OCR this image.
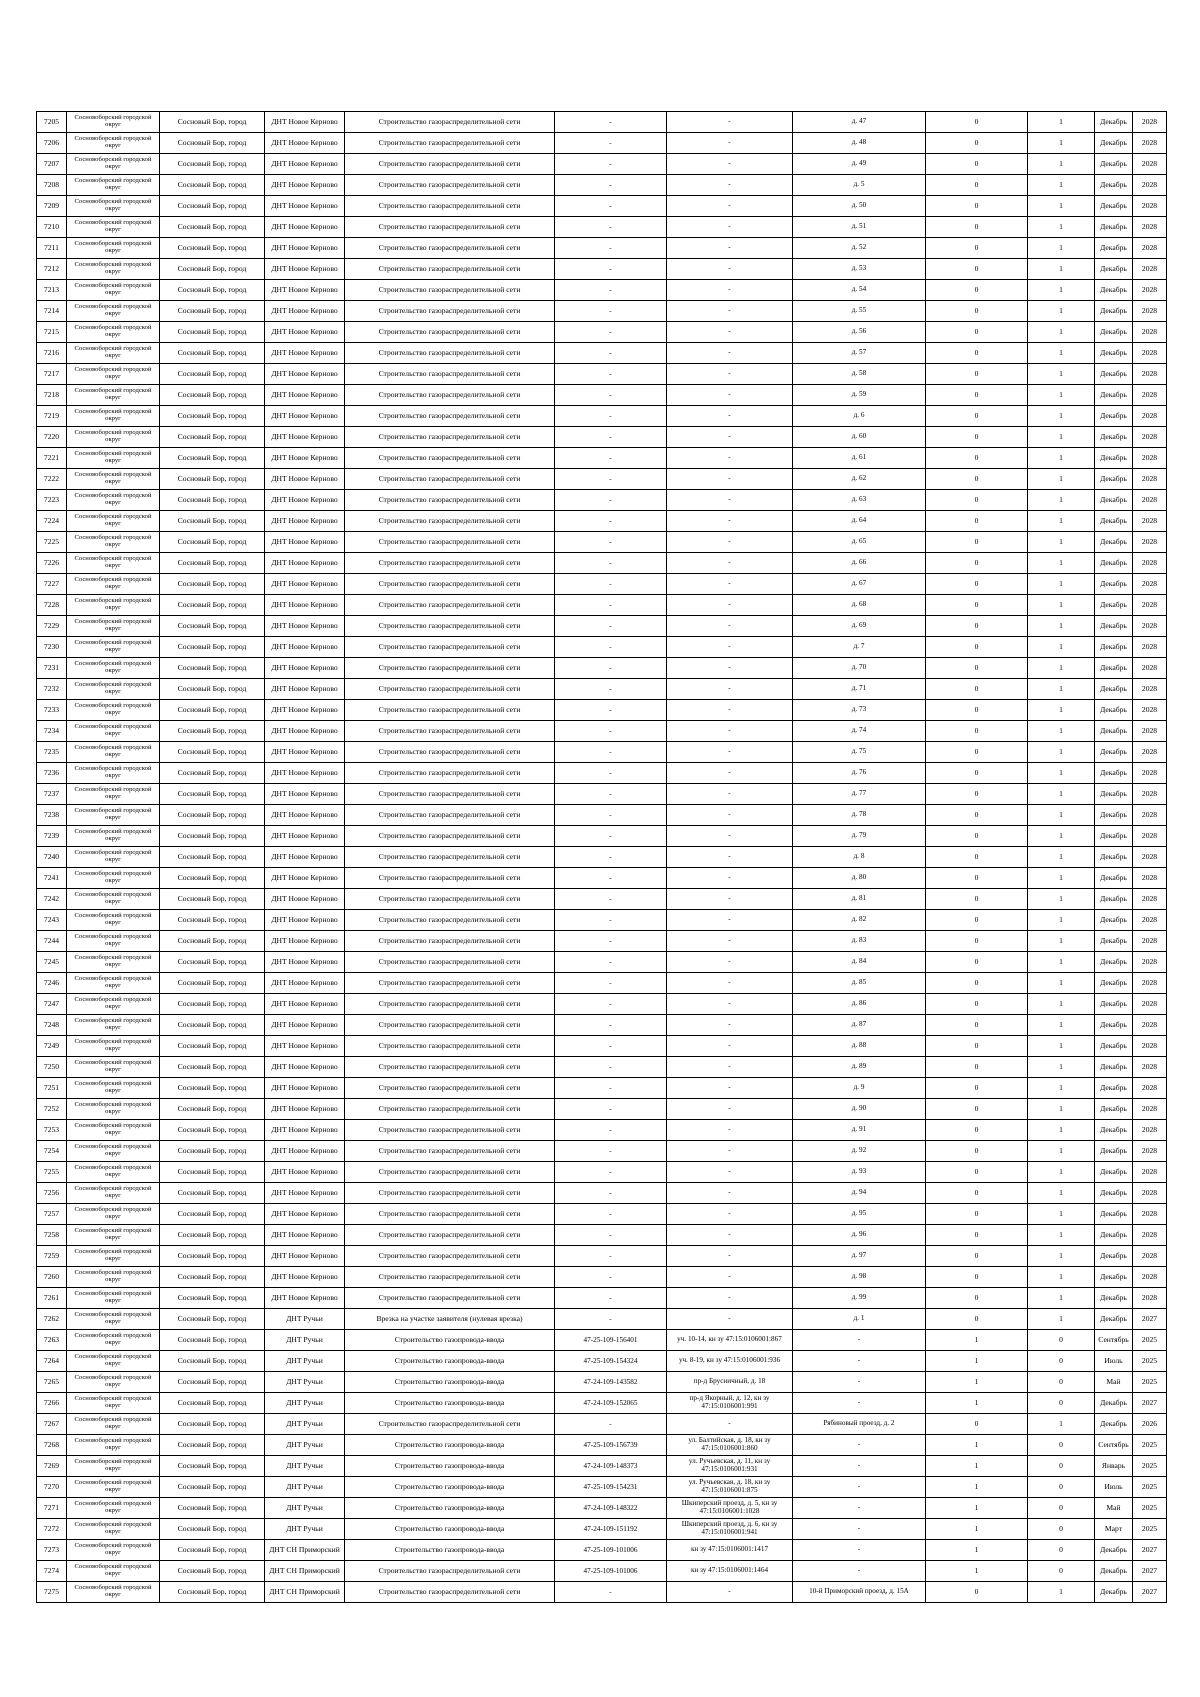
7205	Сосновоборский городской округ	Сосновый Бор, город	ДНТ Новое Керново	Строительство газораспределительной сети	-	-	д. 47	0	1	Декабрь	2028
7206	Сосновоборский городской округ	Сосновый Бор, город	ДНТ Новое Керново	Строительство газораспределительной сети	-	-	д. 48	0	1	Декабрь	2028
7207	Сосновоборский городской округ	Сосновый Бор, город	ДНТ Новое Керново	Строительство газораспределительной сети	-	-	д. 49	0	1	Декабрь	2028
7208	Сосновоборский городской округ	Сосновый Бор, город	ДНТ Новое Керново	Строительство газораспределительной сети	-	-	д. 5	0	1	Декабрь	2028
7209	Сосновоборский городской округ	Сосновый Бор, город	ДНТ Новое Керново	Строительство газораспределительной сети	-	-	д. 50	0	1	Декабрь	2028
7210	Сосновоборский городской округ	Сосновый Бор, город	ДНТ Новое Керново	Строительство газораспределительной сети	-	-	д. 51	0	1	Декабрь	2028
7211	Сосновоборский городской округ	Сосновый Бор, город	ДНТ Новое Керново	Строительство газораспределительной сети	-	-	д. 52	0	1	Декабрь	2028
7212	Сосновоборский городской округ	Сосновый Бор, город	ДНТ Новое Керново	Строительство газораспределительной сети	-	-	д. 53	0	1	Декабрь	2028
7213	Сосновоборский городской округ	Сосновый Бор, город	ДНТ Новое Керново	Строительство газораспределительной сети	-	-	д. 54	0	1	Декабрь	2028
7214	Сосновоборский городской округ	Сосновый Бор, город	ДНТ Новое Керново	Строительство газораспределительной сети	-	-	д. 55	0	1	Декабрь	2028
7215	Сосновоборский городской округ	Сосновый Бор, город	ДНТ Новое Керново	Строительство газораспределительной сети	-	-	д. 56	0	1	Декабрь	2028
7216	Сосновоборский городской округ	Сосновый Бор, город	ДНТ Новое Керново	Строительство газораспределительной сети	-	-	д. 57	0	1	Декабрь	2028
7217	Сосновоборский городской округ	Сосновый Бор, город	ДНТ Новое Керново	Строительство газораспределительной сети	-	-	д. 58	0	1	Декабрь	2028
7218	Сосновоборский городской округ	Сосновый Бор, город	ДНТ Новое Керново	Строительство газораспределительной сети	-	-	д. 59	0	1	Декабрь	2028
7219	Сосновоборский городской округ	Сосновый Бор, город	ДНТ Новое Керново	Строительство газораспределительной сети	-	-	д. 6	0	1	Декабрь	2028
7220	Сосновоборский городской округ	Сосновый Бор, город	ДНТ Новое Керново	Строительство газораспределительной сети	-	-	д. 60	0	1	Декабрь	2028
7221	Сосновоборский городской округ	Сосновый Бор, город	ДНТ Новое Керново	Строительство газораспределительной сети	-	-	д. 61	0	1	Декабрь	2028
7222	Сосновоборский городской округ	Сосновый Бор, город	ДНТ Новое Керново	Строительство газораспределительной сети	-	-	д. 62	0	1	Декабрь	2028
7223	Сосновоборский городской округ	Сосновый Бор, город	ДНТ Новое Керново	Строительство газораспределительной сети	-	-	д. 63	0	1	Декабрь	2028
7224	Сосновоборский городской округ	Сосновый Бор, город	ДНТ Новое Керново	Строительство газораспределительной сети	-	-	д. 64	0	1	Декабрь	2028
7225	Сосновоборский городской округ	Сосновый Бор, город	ДНТ Новое Керново	Строительство газораспределительной сети	-	-	д. 65	0	1	Декабрь	2028
7226	Сосновоборский городской округ	Сосновый Бор, город	ДНТ Новое Керново	Строительство газораспределительной сети	-	-	д. 66	0	1	Декабрь	2028
7227	Сосновоборский городской округ	Сосновый Бор, город	ДНТ Новое Керново	Строительство газораспределительной сети	-	-	д. 67	0	1	Декабрь	2028
7228	Сосновоборский городской округ	Сосновый Бор, город	ДНТ Новое Керново	Строительство газораспределительной сети	-	-	д. 68	0	1	Декабрь	2028
7229	Сосновоборский городской округ	Сосновый Бор, город	ДНТ Новое Керново	Строительство газораспределительной сети	-	-	д. 69	0	1	Декабрь	2028
7230	Сосновоборский городской округ	Сосновый Бор, город	ДНТ Новое Керново	Строительство газораспределительной сети	-	-	д. 7	0	1	Декабрь	2028
7231	Сосновоборский городской округ	Сосновый Бор, город	ДНТ Новое Керново	Строительство газораспределительной сети	-	-	д. 70	0	1	Декабрь	2028
7232	Сосновоборский городской округ	Сосновый Бор, город	ДНТ Новое Керново	Строительство газораспределительной сети	-	-	д. 71	0	1	Декабрь	2028
7233	Сосновоборский городской округ	Сосновый Бор, город	ДНТ Новое Керново	Строительство газораспределительной сети	-	-	д. 73	0	1	Декабрь	2028
7234	Сосновоборский городской округ	Сосновый Бор, город	ДНТ Новое Керново	Строительство газораспределительной сети	-	-	д. 74	0	1	Декабрь	2028
7235	Сосновоборский городской округ	Сосновый Бор, город	ДНТ Новое Керново	Строительство газораспределительной сети	-	-	д. 75	0	1	Декабрь	2028
7236	Сосновоборский городской округ	Сосновый Бор, город	ДНТ Новое Керново	Строительство газораспределительной сети	-	-	д. 76	0	1	Декабрь	2028
7237	Сосновоборский городской округ	Сосновый Бор, город	ДНТ Новое Керново	Строительство газораспределительной сети	-	-	д. 77	0	1	Декабрь	2028
7238	Сосновоборский городской округ	Сосновый Бор, город	ДНТ Новое Керново	Строительство газораспределительной сети	-	-	д. 78	0	1	Декабрь	2028
7239	Сосновоборский городской округ	Сосновый Бор, город	ДНТ Новое Керново	Строительство газораспределительной сети	-	-	д. 79	0	1	Декабрь	2028
7240	Сосновоборский городской округ	Сосновый Бор, город	ДНТ Новое Керново	Строительство газораспределительной сети	-	-	д. 8	0	1	Декабрь	2028
7241	Сосновоборский городской округ	Сосновый Бор, город	ДНТ Новое Керново	Строительство газораспределительной сети	-	-	д. 80	0	1	Декабрь	2028
7242	Сосновоборский городской округ	Сосновый Бор, город	ДНТ Новое Керново	Строительство газораспределительной сети	-	-	д. 81	0	1	Декабрь	2028
7243	Сосновоборский городской округ	Сосновый Бор, город	ДНТ Новое Керново	Строительство газораспределительной сети	-	-	д. 82	0	1	Декабрь	2028
7244	Сосновоборский городской округ	Сосновый Бор, город	ДНТ Новое Керново	Строительство газораспределительной сети	-	-	д. 83	0	1	Декабрь	2028
7245	Сосновоборский городской округ	Сосновый Бор, город	ДНТ Новое Керново	Строительство газораспределительной сети	-	-	д. 84	0	1	Декабрь	2028
7246	Сосновоборский городской округ	Сосновый Бор, город	ДНТ Новое Керново	Строительство газораспределительной сети	-	-	д. 85	0	1	Декабрь	2028
7247	Сосновоборский городской округ	Сосновый Бор, город	ДНТ Новое Керново	Строительство газораспределительной сети	-	-	д. 86	0	1	Декабрь	2028
7248	Сосновоборский городской округ	Сосновый Бор, город	ДНТ Новое Керново	Строительство газораспределительной сети	-	-	д. 87	0	1	Декабрь	2028
7249	Сосновоборский городской округ	Сосновый Бор, город	ДНТ Новое Керново	Строительство газораспределительной сети	-	-	д. 88	0	1	Декабрь	2028
7250	Сосновоборский городской округ	Сосновый Бор, город	ДНТ Новое Керново	Строительство газораспределительной сети	-	-	д. 89	0	1	Декабрь	2028
7251	Сосновоборский городской округ	Сосновый Бор, город	ДНТ Новое Керново	Строительство газораспределительной сети	-	-	д. 9	0	1	Декабрь	2028
7252	Сосновоборский городской округ	Сосновый Бор, город	ДНТ Новое Керново	Строительство газораспределительной сети	-	-	д. 90	0	1	Декабрь	2028
7253	Сосновоборский городской округ	Сосновый Бор, город	ДНТ Новое Керново	Строительство газораспределительной сети	-	-	д. 91	0	1	Декабрь	2028
7254	Сосновоборский городской округ	Сосновый Бор, город	ДНТ Новое Керново	Строительство газораспределительной сети	-	-	д. 92	0	1	Декабрь	2028
7255	Сосновоборский городской округ	Сосновый Бор, город	ДНТ Новое Керново	Строительство газораспределительной сети	-	-	д. 93	0	1	Декабрь	2028
7256	Сосновоборский городской округ	Сосновый Бор, город	ДНТ Новое Керново	Строительство газораспределительной сети	-	-	д. 94	0	1	Декабрь	2028
7257	Сосновоборский городской округ	Сосновый Бор, город	ДНТ Новое Керново	Строительство газораспределительной сети	-	-	д. 95	0	1	Декабрь	2028
7258	Сосновоборский городской округ	Сосновый Бор, город	ДНТ Новое Керново	Строительство газораспределительной сети	-	-	д. 96	0	1	Декабрь	2028
7259	Сосновоборский городской округ	Сосновый Бор, город	ДНТ Новое Керново	Строительство газораспределительной сети	-	-	д. 97	0	1	Декабрь	2028
7260	Сосновоборский городской округ	Сосновый Бор, город	ДНТ Новое Керново	Строительство газораспределительной сети	-	-	д. 98	0	1	Декабрь	2028
7261	Сосновоборский городской округ	Сосновый Бор, город	ДНТ Новое Керново	Строительство газораспределительной сети	-	-	д. 99	0	1	Декабрь	2028
7262	Сосновоборский городской округ	Сосновый Бор, город	ДНТ Ручьи	Врезка на участке заявителя (нулевая врезка)	-	-	д. 1	0	1	Декабрь	2027
7263	Сосновоборский городской округ	Сосновый Бор, город	ДНТ Ручьи	Строительство газопровода-ввода	47-25-109-156401	уч. 10-14, кн зу 47:15:0106001:867	-	1	0	Сентябрь	2025
7264	Сосновоборский городской округ	Сосновый Бор, город	ДНТ Ручьи	Строительство газопровода-ввода	47-25-109-154324	уч. 8-19, кн зу 47:15:0106001:936	-	1	0	Июль	2025
7265	Сосновоборский городской округ	Сосновый Бор, город	ДНТ Ручьи	Строительство газопровода-ввода	47-24-109-143582	пр-д Брусничный, д. 18	-	1	0	Май	2025
7266	Сосновоборский городской округ	Сосновый Бор, город	ДНТ Ручьи	Строительство газопровода-ввода	47-24-109-152065	пр-д Якорный, д. 12, кн зу 47:15:0106001:991	-	1	0	Декабрь	2027
7267	Сосновоборский городской округ	Сосновый Бор, город	ДНТ Ручьи	Строительство газораспределительной сети	-	-	Рябиновый проезд, д. 2	0	1	Декабрь	2026
7268	Сосновоборский городской округ	Сосновый Бор, город	ДНТ Ручьи	Строительство газопровода-ввода	47-25-109-156739	ул. Балтийская, д. 18, кн зу 47:15:0106001:860	-	1	0	Сентябрь	2025
7269	Сосновоборский городской округ	Сосновый Бор, город	ДНТ Ручьи	Строительство газопровода-ввода	47-24-109-148373	ул. Ручьевская, д. 11, кн зу 47:15:0106001:931	-	1	0	Январь	2025
7270	Сосновоборский городской округ	Сосновый Бор, город	ДНТ Ручьи	Строительство газопровода-ввода	47-25-109-154231	ул. Ручьевская, д. 18, кн зу 47:15:0106001:875	-	1	0	Июль	2025
7271	Сосновоборский городской округ	Сосновый Бор, город	ДНТ Ручьи	Строительство газопровода-ввода	47-24-109-148322	Шкиперский проезд, д. 5, кн зу 47:15:0106001:1028	-	1	0	Май	2025
7272	Сосновоборский городской округ	Сосновый Бор, город	ДНТ Ручьи	Строительство газопровода-ввода	47-24-109-151192	Шкиперский проезд, д. 6, кн зу 47:15:0106001:941	-	1	0	Март	2025
7273	Сосновоборский городской округ	Сосновый Бор, город	ДНТ СН Приморский	Строительство газопровода-ввода	47-25-109-101006	кн зу 47:15:0106001:1417	-	1	0	Декабрь	2027
7274	Сосновоборский городской округ	Сосновый Бор, город	ДНТ СН Приморский	Строительство газораспределительной сети	47-25-109-101006	кн зу 47:15:0106001:1464	-	1	0	Декабрь	2027
7275	Сосновоборский городской округ	Сосновый Бор, город	ДНТ СН Приморский	Строительство газораспределительной сети	-	-	10-й Приморский проезд, д. 15А	0	1	Декабрь	2027
